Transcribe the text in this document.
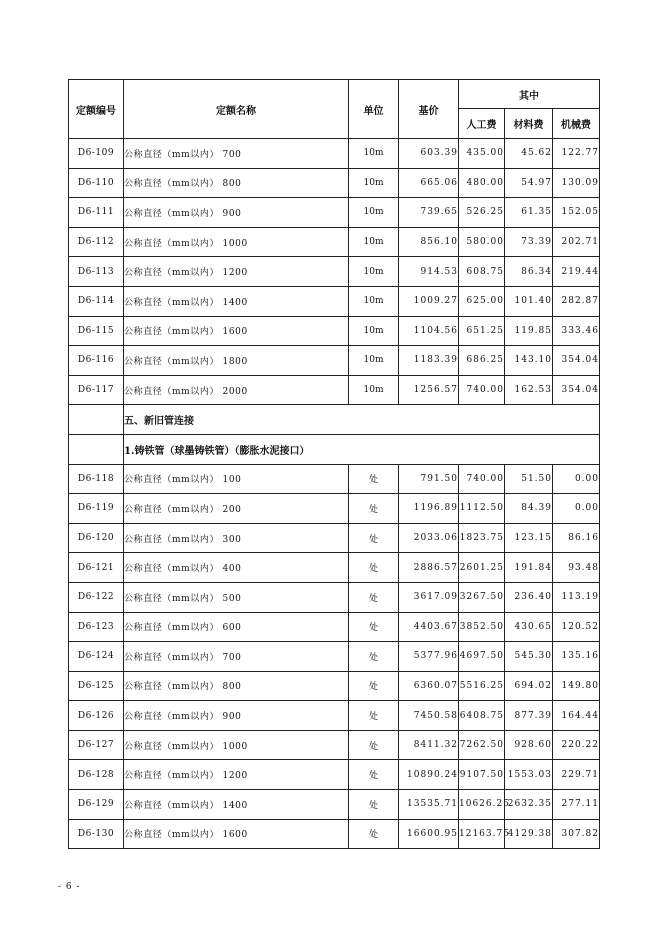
定额编号	定额名称	单位	基价	其中		
				人工费	材料费	机械费
D6-109	公称直径（mm以内） 700	10m	603.39	435.00	45.62	122.77
D6-110	公称直径（mm以内） 800	10m	665.06	480.00	54.97	130.09
D6-111	公称直径（mm以内） 900	10m	739.65	526.25	61.35	152.05
D6-112	公称直径（mm以内） 1000	10m	856.10	580.00	73.39	202.71
D6-113	公称直径（mm以内） 1200	10m	914.53	608.75	86.34	219.44
D6-114	公称直径（mm以内） 1400	10m	1009.27	625.00	101.40	282.87
D6-115	公称直径（mm以内） 1600	10m	1104.56	651.25	119.85	333.46
D6-116	公称直径（mm以内） 1800	10m	1183.39	686.25	143.10	354.04
D6-117	公称直径（mm以内） 2000	10m	1256.57	740.00	162.53	354.04
	五、新旧管连接					
	1.铸铁管（球墨铸铁管）（膨胀水泥接口）					
D6-118	公称直径（mm以内） 100	处	791.50	740.00	51.50	0.00
D6-119	公称直径（mm以内） 200	处	1196.89	1112.50	84.39	0.00
D6-120	公称直径（mm以内） 300	处	2033.06	1823.75	123.15	86.16
D6-121	公称直径（mm以内） 400	处	2886.57	2601.25	191.84	93.48
D6-122	公称直径（mm以内） 500	处	3617.09	3267.50	236.40	113.19
D6-123	公称直径（mm以内） 600	处	4403.67	3852.50	430.65	120.52
D6-124	公称直径（mm以内） 700	处	5377.96	4697.50	545.30	135.16
D6-125	公称直径（mm以内） 800	处	6360.07	5516.25	694.02	149.80
D6-126	公称直径（mm以内） 900	处	7450.58	6408.75	877.39	164.44
D6-127	公称直径（mm以内） 1000	处	8411.32	7262.50	928.60	220.22
D6-128	公称直径（mm以内） 1200	处	10890.24	9107.50	1553.03	229.71
D6-129	公称直径（mm以内） 1400	处	13535.71	10626.25	2632.35	277.11
D6-130	公称直径（mm以内） 1600	处	16600.95	12163.75	4129.38	307.82
- 6 -
